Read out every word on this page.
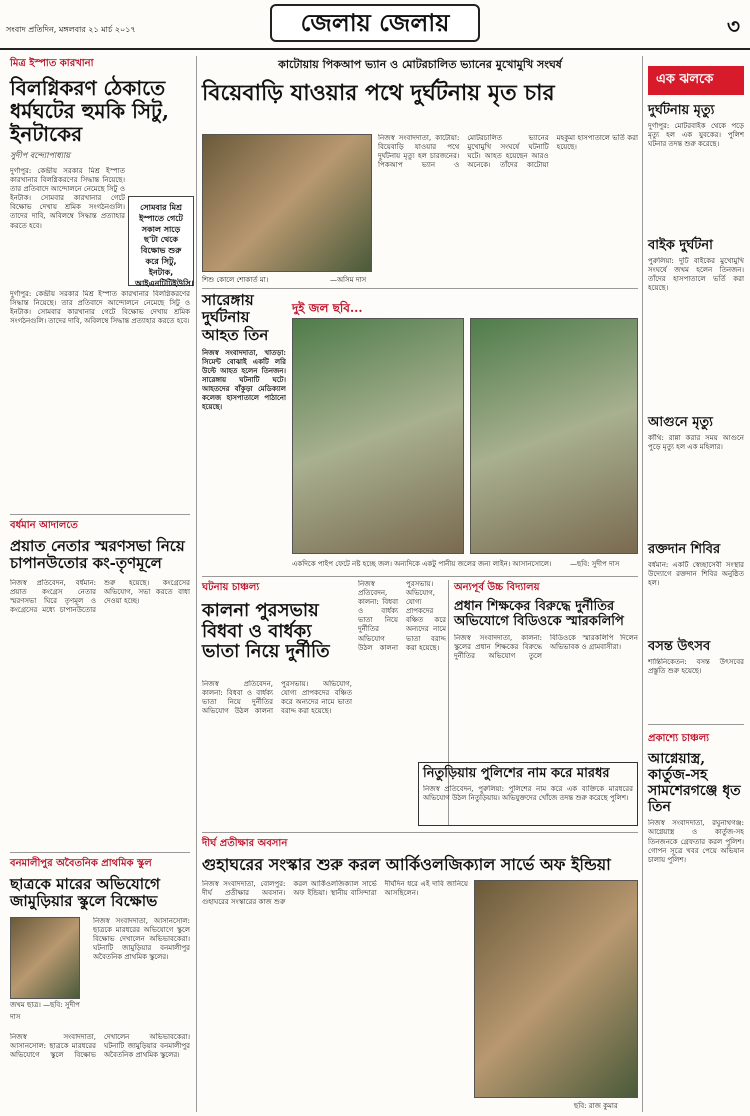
সংবাদ প্রতিদিন, মঙ্গলবার ২১ মার্চ ২০১৭	জেলায় জেলায়	৩
মিত্র ইস্পাত কারখানা
বিলগ্নিকরণ ঠেকাতে ধর্মঘটের হুমকি সিটু, ইনটাকের
সুদীপ বন্দ্যোপাধ্যায়
দুর্গাপুর: কেন্দ্রীয় সরকার মিশ্র ইস্পাত কারখানার বিলগ্নিকরণের সিদ্ধান্ত নিয়েছে। তার প্রতিবাদে আন্দোলনে নেমেছে সিটু ও ইনটাক। সোমবার কারখানার গেটে বিক্ষোভ দেখায় শ্রমিক সংগঠনগুলি। তাদের দাবি, অবিলম্বে সিদ্ধান্ত প্রত্যাহার করতে হবে।
সোমবার মিশ্র ইস্পাতে গেটে সকাল সাড়ে ছ'টা থেকে বিক্ষোভ শুরু করে সিটু, ইনটাক, আইএনটিটিইউসি।
দুর্গাপুর: কেন্দ্রীয় সরকার মিশ্র ইস্পাত কারখানার বিলগ্নিকরণের সিদ্ধান্ত নিয়েছে। তার প্রতিবাদে আন্দোলনে নেমেছে সিটু ও ইনটাক। সোমবার কারখানার গেটে বিক্ষোভ দেখায় শ্রমিক সংগঠনগুলি। তাদের দাবি, অবিলম্বে সিদ্ধান্ত প্রত্যাহার করতে হবে।
বর্ধমান আদালতে
প্রয়াত নেতার স্মরণসভা নিয়ে চাপানউতোর কং-তৃণমূলে
নিজস্ব প্রতিবেদন, বর্ধমান: প্রয়াত কংগ্রেস নেতার স্মরণসভা ঘিরে তৃণমূল ও কংগ্রেসের মধ্যে চাপানউতোর শুরু হয়েছে। কংগ্রেসের অভিযোগ, সভা করতে বাধা দেওয়া হচ্ছে।
বনমালীপুর অবৈতনিক প্রাথমিক স্কুল
ছাত্রকে মারের অভিযোগে জামুড়িয়ার স্কুলে বিক্ষোভ
জখম ছাত্র। —ছবি: সুদীপ দাস
নিজস্ব সংবাদদাতা, আসানসোল: ছাত্রকে মারধরের অভিযোগে স্কুলে বিক্ষোভ দেখালেন অভিভাবকেরা। ঘটনাটি জামুড়িয়ার বনমালীপুর অবৈতনিক প্রাথমিক স্কুলের।
নিজস্ব সংবাদদাতা, আসানসোল: ছাত্রকে মারধরের অভিযোগে স্কুলে বিক্ষোভ দেখালেন অভিভাবকেরা। ঘটনাটি জামুড়িয়ার বনমালীপুর অবৈতনিক প্রাথমিক স্কুলের।
কাটোয়ায় পিকআপ ভ্যান ও মোটরচালিত ভ্যানের মুখোমুখি সংঘর্ষ
বিয়েবাড়ি যাওয়ার পথে দুর্ঘটনায় মৃত চার
শিশু কোলে শোকার্ত মা।	—অসিম দাস
নিজস্ব সংবাদদাতা, কাটোয়া: বিয়েবাড়ি যাওয়ার পথে দুর্ঘটনায় মৃত্যু হল চারজনের। পিকআপ ভ্যান ও মোটরচালিত ভ্যানের মুখোমুখি সংঘর্ষে ঘটনাটি ঘটে। আহত হয়েছেন আরও অনেকে। তাঁদের কাটোয়া মহকুমা হাসপাতালে ভর্তি করা হয়েছে।
সারেঙ্গায় দুর্ঘটনায় আহত তিন
নিজস্ব সংবাদদাতা, খাতড়া: সিমেন্ট বোঝাই একটি লরি উল্টে আহত হলেন তিনজন। সারেঙ্গায় ঘটনাটি ঘটে। আহতদের বাঁকুড়া মেডিক্যাল কলেজ হাসপাতালে পাঠানো হয়েছে।
দুই জল ছবি...
একদিকে পাইপ ফেটে নষ্ট হচ্ছে জল। অন্যদিকে একটু পানীয় জলের জন্য লাইন। আসানসোলে।	—ছবি: সুদীপ দাস
ঘটনায় চাঞ্চল্য
কালনা পুরসভায় বিধবা ও বার্ধক্য ভাতা নিয়ে দুর্নীতি
নিজস্ব প্রতিবেদন, কালনা: বিধবা ও বার্ধক্য ভাতা নিয়ে দুর্নীতির অভিযোগ উঠল কালনা পুরসভায়। অভিযোগ, যোগ্য প্রাপকদের বঞ্চিত করে অন্যদের নামে ভাতা বরাদ্দ করা হয়েছে।
নিজস্ব প্রতিবেদন, কালনা: বিধবা ও বার্ধক্য ভাতা নিয়ে দুর্নীতির অভিযোগ উঠল কালনা পুরসভায়। অভিযোগ, যোগ্য প্রাপকদের বঞ্চিত করে অন্যদের নামে ভাতা বরাদ্দ করা হয়েছে।
অন্যপূর্ব উচ্চ বিদ্যালয়
প্রধান শিক্ষকের বিরুদ্ধে দুর্নীতির অভিযোগে বিডিওকে স্মারকলিপি
নিজস্ব সংবাদদাতা, কালনা: স্কুলের প্রধান শিক্ষকের বিরুদ্ধে দুর্নীতির অভিযোগ তুলে বিডিওকে স্মারকলিপি দিলেন অভিভাবক ও গ্রামবাসীরা।
নিতুড়িয়ায় পুলিশের নাম করে মারধর
নিজস্ব প্রতিবেদন, পুরুলিয়া: পুলিশের নাম করে এক ব্যক্তিকে মারধরের অভিযোগ উঠল নিতুড়িয়ায়। অভিযুক্তদের খোঁজে তদন্ত শুরু করেছে পুলিশ।
দীর্ঘ প্রতীক্ষার অবসান
গুহাঘরের সংস্কার শুরু করল আর্কিওলজিক্যাল সার্ভে অফ ইন্ডিয়া
নিজস্ব সংবাদদাতা, বোলপুর: দীর্ঘ প্রতীক্ষার অবসান। গুহাঘরের সংস্কারের কাজ শুরু করল আর্কিওলজিক্যাল সার্ভে অফ ইন্ডিয়া। স্থানীয় বাসিন্দারা দীর্ঘদিন ধরে এই দাবি জানিয়ে আসছিলেন।
ছবি: রাজ কুমার
এক ঝলকে
দুর্ঘটনায় মৃত্যু
দুর্গাপুর: মোটরবাইক থেকে পড়ে মৃত্যু হল এক যুবকের। পুলিশ ঘটনার তদন্ত শুরু করেছে।
বাইক দুর্ঘটনা
পুরুলিয়া: দুটি বাইকের মুখোমুখি সংঘর্ষে জখম হলেন তিনজন। তাঁদের হাসপাতালে ভর্তি করা হয়েছে।
আগুনে মৃত্যু
কাঁথি: রান্না করার সময় আগুনে পুড়ে মৃত্যু হল এক মহিলার।
রক্তদান শিবির
বর্ধমান: একটি স্বেচ্ছাসেবী সংস্থার উদ্যোগে রক্তদান শিবির অনুষ্ঠিত হল।
বসন্ত উৎসব
শান্তিনিকেতন: বসন্ত উৎসবের প্রস্তুতি শুরু হয়েছে।
প্রকাশ্যে চাঞ্চল্য
আগ্নেয়াস্ত্র, কার্তুজ-সহ সামশেরগঞ্জে ধৃত তিন
নিজস্ব সংবাদদাতা, রঘুনাথগঞ্জ: আগ্নেয়াস্ত্র ও কার্তুজ-সহ তিনজনকে গ্রেফতার করল পুলিশ। গোপন সূত্রে খবর পেয়ে অভিযান চালায় পুলিশ।
